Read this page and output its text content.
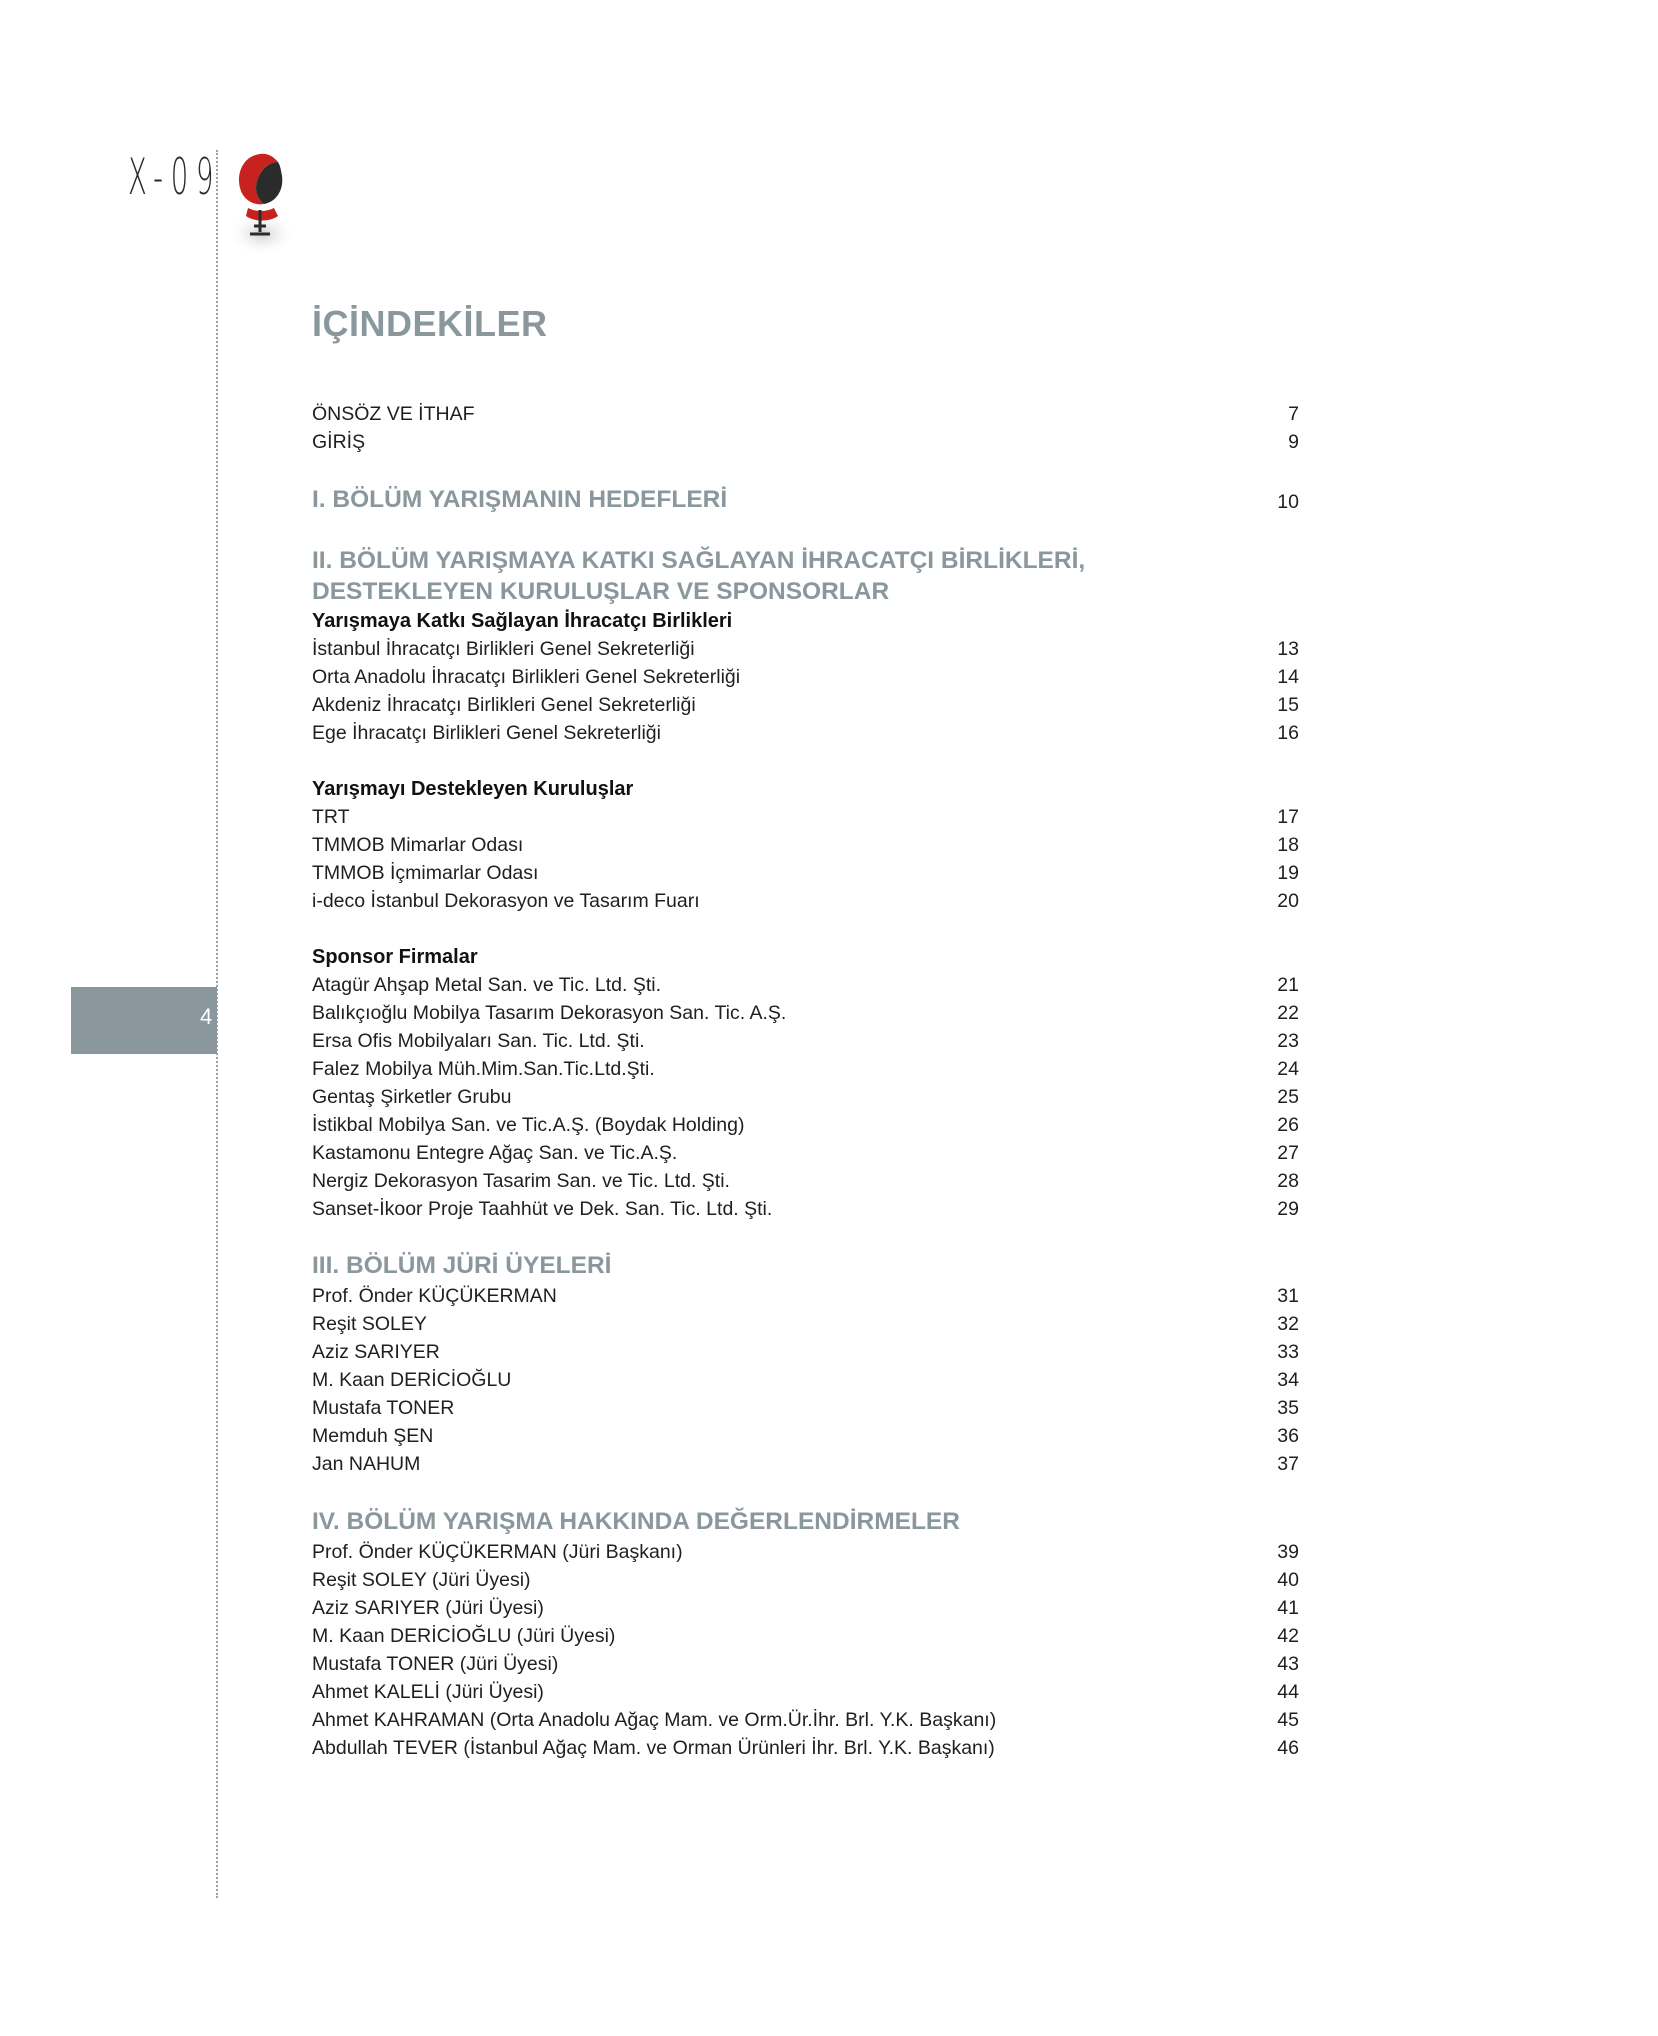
X-09
4
İÇİNDEKİLER
ÖNSÖZ VE İTHAF	7
GİRİŞ	9
I. BÖLÜM YARIŞMANIN HEDEFLERİ	10
II. BÖLÜM YARIŞMAYA KATKI SAĞLAYAN İHRACATÇI BİRLİKLERİ,
DESTEKLEYEN KURULUŞLAR VE SPONSORLAR
Yarışmaya Katkı Sağlayan İhracatçı Birlikleri
İstanbul İhracatçı Birlikleri Genel Sekreterliği	13
Orta Anadolu İhracatçı Birlikleri Genel Sekreterliği	14
Akdeniz İhracatçı Birlikleri Genel Sekreterliği	15
Ege İhracatçı Birlikleri Genel Sekreterliği	16
Yarışmayı Destekleyen Kuruluşlar
TRT	17
TMMOB Mimarlar Odası	18
TMMOB İçmimarlar Odası	19
i-deco İstanbul Dekorasyon ve Tasarım Fuarı	20
Sponsor Firmalar
Atagür Ahşap Metal San. ve Tic. Ltd. Şti.	21
Balıkçıoğlu Mobilya Tasarım Dekorasyon San. Tic. A.Ş.	22
Ersa Ofis Mobilyaları San. Tic. Ltd. Şti.	23
Falez Mobilya Müh.Mim.San.Tic.Ltd.Şti.	24
Gentaş Şirketler Grubu	25
İstikbal Mobilya San. ve Tic.A.Ş. (Boydak Holding)	26
Kastamonu Entegre Ağaç San. ve Tic.A.Ş.	27
Nergiz Dekorasyon Tasarim San. ve Tic. Ltd. Şti.	28
Sanset-İkoor Proje Taahhüt ve Dek. San. Tic. Ltd. Şti.	29
III. BÖLÜM JÜRİ ÜYELERİ
Prof. Önder KÜÇÜKERMAN	31
Reşit SOLEY	32
Aziz SARIYER	33
M. Kaan DERİCİOĞLU	34
Mustafa TONER	35
Memduh ŞEN	36
Jan NAHUM	37
IV. BÖLÜM YARIŞMA HAKKINDA DEĞERLENDİRMELER
Prof. Önder KÜÇÜKERMAN (Jüri Başkanı)	39
Reşit SOLEY (Jüri Üyesi)	40
Aziz SARIYER (Jüri Üyesi)	41
M. Kaan DERİCİOĞLU (Jüri Üyesi)	42
Mustafa TONER (Jüri Üyesi)	43
Ahmet KALELİ (Jüri Üyesi)	44
Ahmet KAHRAMAN (Orta Anadolu Ağaç Mam. ve Orm.Ür.İhr. Brl. Y.K. Başkanı)	45
Abdullah TEVER (İstanbul Ağaç Mam. ve Orman Ürünleri İhr. Brl. Y.K. Başkanı)	46
